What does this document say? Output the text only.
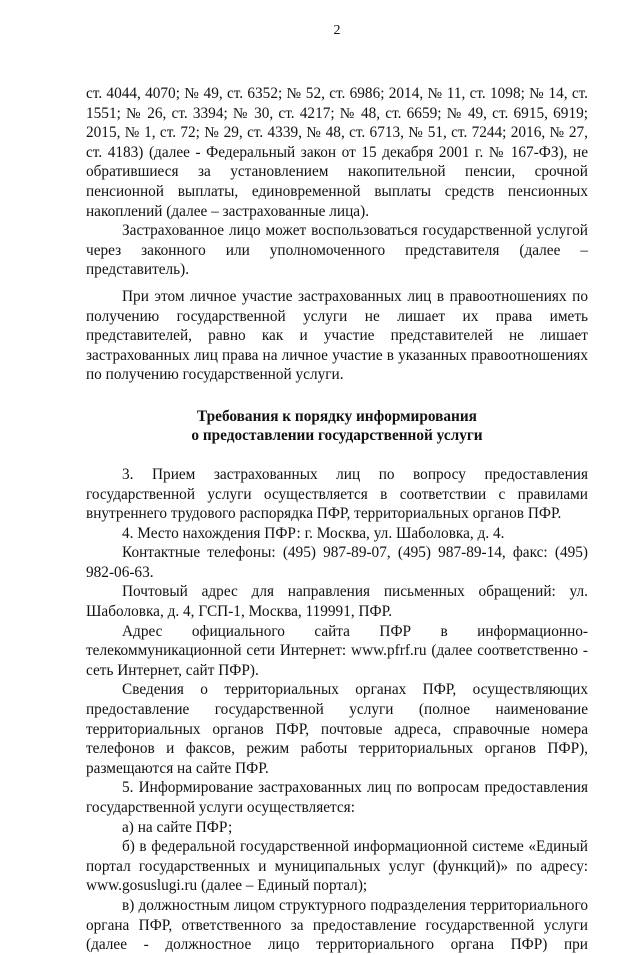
2

ст. 4044, 4070; № 49, ст. 6352; № 52, ст. 6986; 2014, № 11, ст. 1098; № 14, ст. 1551; № 26, ст. 3394; № 30, ст. 4217; № 48, ст. 6659; № 49, ст. 6915, 6919; 2015, № 1, ст. 72; № 29, ст. 4339, № 48, ст. 6713, № 51, ст. 7244; 2016, № 27, ст. 4183) (далее - Федеральный закон от 15 декабря 2001 г. № 167-ФЗ), не обратившиеся за установлением накопительной пенсии, срочной пенсионной выплаты, единовременной выплаты средств пенсионных накоплений (далее – застрахованные лица).

Застрахованное лицо может воспользоваться государственной услугой через законного или уполномоченного представителя (далее – представитель).

При этом личное участие застрахованных лиц в правоотношениях по получению государственной услуги не лишает их права иметь представителей, равно как и участие представителей не лишает застрахованных лиц права на личное участие в указанных правоотношениях по получению государственной услуги.

Требования к порядку информирования
о предоставлении государственной услуги

3. Прием застрахованных лиц по вопросу предоставления государственной услуги осуществляется в соответствии с правилами внутреннего трудового распорядка ПФР, территориальных органов ПФР.

4. Место нахождения ПФР: г. Москва, ул. Шаболовка, д. 4.

Контактные телефоны: (495) 987-89-07, (495) 987-89-14, факс: (495) 982-06-63.

Почтовый адрес для направления письменных обращений: ул. Шаболовка, д. 4, ГСП-1, Москва, 119991, ПФР.

Адрес официального сайта ПФР в информационно-телекоммуникационной сети Интернет: www.pfrf.ru (далее соответственно - сеть Интернет, сайт ПФР).

Сведения о территориальных органах ПФР, осуществляющих предоставление государственной услуги (полное наименование территориальных органов ПФР, почтовые адреса, справочные номера телефонов и факсов, режим работы территориальных органов ПФР), размещаются на сайте ПФР.

5. Информирование застрахованных лиц по вопросам предоставления государственной услуги осуществляется:

а) на сайте ПФР;

б) в федеральной государственной информационной системе «Единый портал государственных и муниципальных услуг (функций)» по адресу: www.gosuslugi.ru (далее – Единый портал);

в) должностным лицом структурного подразделения территориального органа ПФР, ответственного за предоставление государственной услуги (далее - должностное лицо территориального органа ПФР) при
